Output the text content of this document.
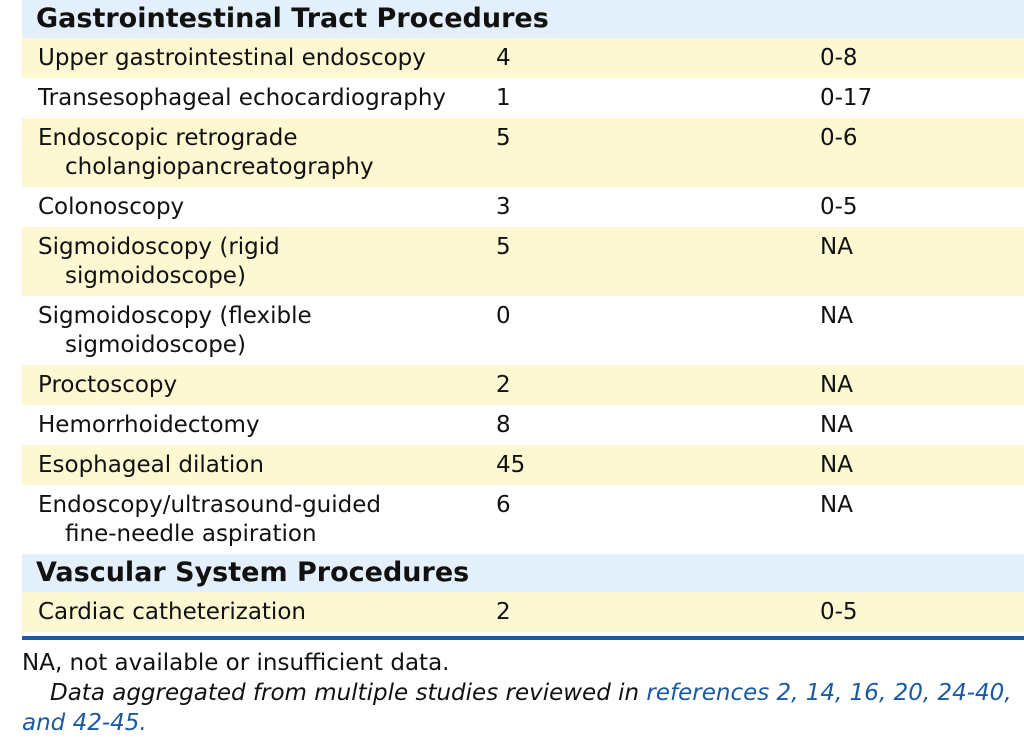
Gastrointestinal Tract Procedures
Upper gastrointestinal endoscopy	4	0-8
Transesophageal echocardiography	1	0-17
Endoscopic retrograde
cholangiopancreatography
5	0-6
Colonoscopy	3	0-5
Sigmoidoscopy (rigid
sigmoidoscope)
5	NA
Sigmoidoscopy (flexible
sigmoidoscope)
0	NA
Proctoscopy	2	NA
Hemorrhoidectomy	8	NA
Esophageal dilation	45	NA
Endoscopy/ultrasound-guided
fine-needle aspiration
6	NA
Vascular System Procedures
Cardiac catheterization	2	0-5
NA, not available or insufficient data.
Data aggregated from multiple studies reviewed in references 2, 14, 16, 20, 24-40, and 42-45.
